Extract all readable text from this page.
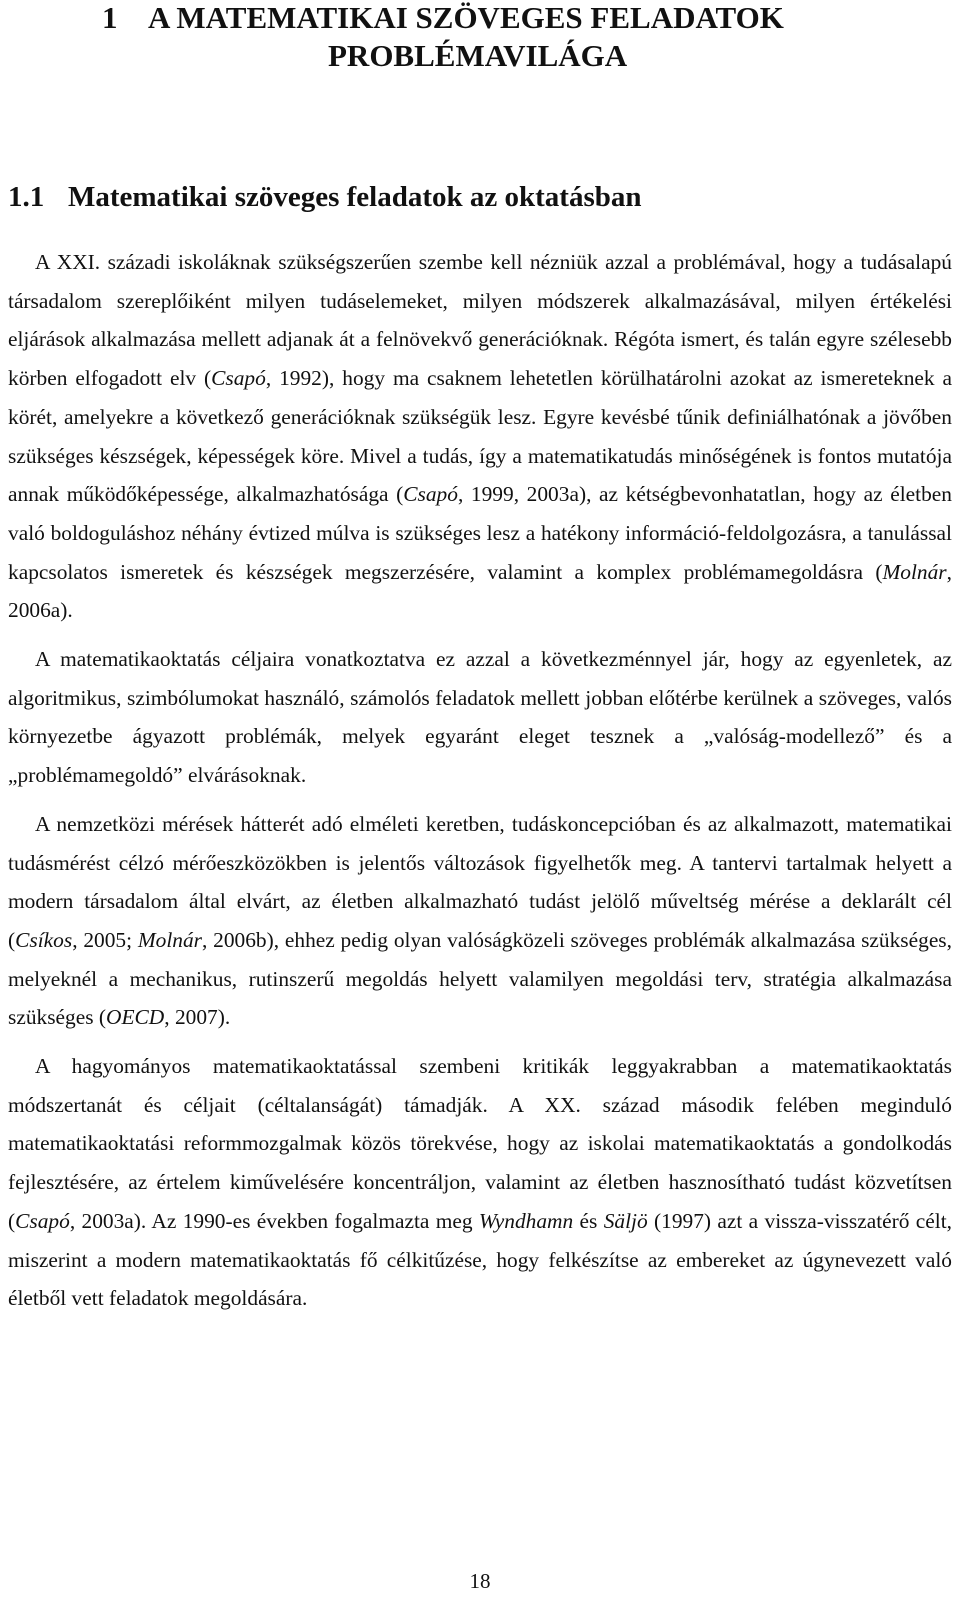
1 A MATEMATIKAI SZÖVEGES FELADATOK
PROBLÉMAVILÁGA
1.1 Matematikai szöveges feladatok az oktatásban

A XXI. századi iskoláknak szükségszerűen szembe kell nézniük azzal a problémával, hogy a tudásalapú társadalom szereplőiként milyen tudáselemeket, milyen módszerek alkalmazásával, milyen értékelési eljárások alkalmazása mellett adjanak át a felnövekvő generációknak. Régóta ismert, és talán egyre szélesebb körben elfogadott elv (Csapó, 1992), hogy ma csaknem lehetetlen körülhatárolni azokat az ismereteknek a körét, amelyekre a következő generációknak szükségük lesz. Egyre kevésbé tűnik definiálhatónak a jövőben szükséges készségek, képességek köre. Mivel a tudás, így a matematikatudás minőségének is fontos mutatója annak működőképessége, alkalmazhatósága (Csapó, 1999, 2003a), az kétségbevonhatatlan, hogy az életben való boldoguláshoz néhány évtized múlva is szükséges lesz a hatékony információ-feldolgozásra, a tanulással kapcsolatos ismeretek és készségek megszerzésére, valamint a komplex problémamegoldásra (Molnár, 2006a).

A matematikaoktatás céljaira vonatkoztatva ez azzal a következménnyel jár, hogy az egyenletek, az algoritmikus, szimbólumokat használó, számolós feladatok mellett jobban előtérbe kerülnek a szöveges, valós környezetbe ágyazott problémák, melyek egyaránt eleget tesznek a „valóság-modellező” és a „problémamegoldó” elvárásoknak.

A nemzetközi mérések hátterét adó elméleti keretben, tudáskoncepcióban és az alkalmazott, matematikai tudásmérést célzó mérőeszközökben is jelentős változások figyelhetők meg. A tantervi tartalmak helyett a modern társadalom által elvárt, az életben alkalmazható tudást jelölő műveltség mérése a deklarált cél (Csíkos, 2005; Molnár, 2006b), ehhez pedig olyan valóságközeli szöveges problémák alkalmazása szükséges, melyeknél a mechanikus, rutinszerű megoldás helyett valamilyen megoldási terv, stratégia alkalmazása szükséges (OECD, 2007).

A hagyományos matematikaoktatással szembeni kritikák leggyakrabban a matematikaoktatás módszertanát és céljait (céltalanságát) támadják. A XX. század második felében meginduló matematikaoktatási reformmozgalmak közös törekvése, hogy az iskolai matematikaoktatás a gondolkodás fejlesztésére, az értelem kiművelésére koncentráljon, valamint az életben hasznosítható tudást közvetítsen (Csapó, 2003a). Az 1990-es években fogalmazta meg Wyndhamn és Säljö (1997) azt a vissza-visszatérő célt, miszerint a modern matematikaoktatás fő célkitűzése, hogy felkészítse az embereket az úgynevezett való életből vett feladatok megoldására.

18
